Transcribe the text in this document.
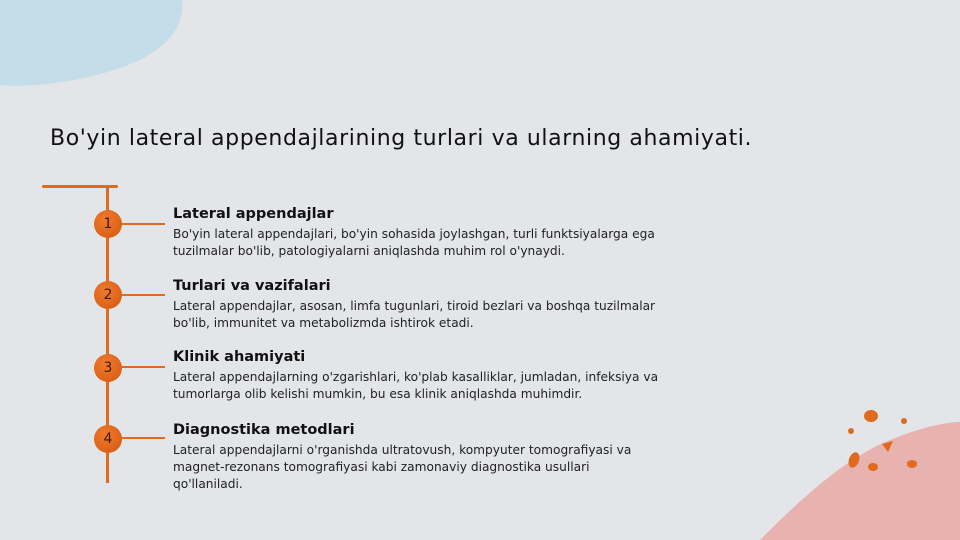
Bo'yin lateral appendajlarining turlari va ularning ahamiyati.
1

Lateral appendajlar

Bo'yin lateral appendajlari, bo'yin sohasida joylashgan, turli funktsiyalarga ega tuzilmalar bo'lib, patologiyalarni aniqlashda muhim rol o'ynaydi.

2

Turlari va vazifalari

Lateral appendajlar, asosan, limfa tugunlari, tiroid bezlari va boshqa tuzilmalar bo'lib, immunitet va metabolizmda ishtirok etadi.

3

Klinik ahamiyati

Lateral appendajlarning o'zgarishlari, ko'plab kasalliklar, jumladan, infeksiya va tumorlarga olib kelishi mumkin, bu esa klinik aniqlashda muhimdir.

4

Diagnostika metodlari

Lateral appendajlarni o'rganishda ultratovush, kompyuter tomografiyasi va magnet-rezonans tomografiyasi kabi zamonaviy diagnostika usullari qo'llaniladi.
